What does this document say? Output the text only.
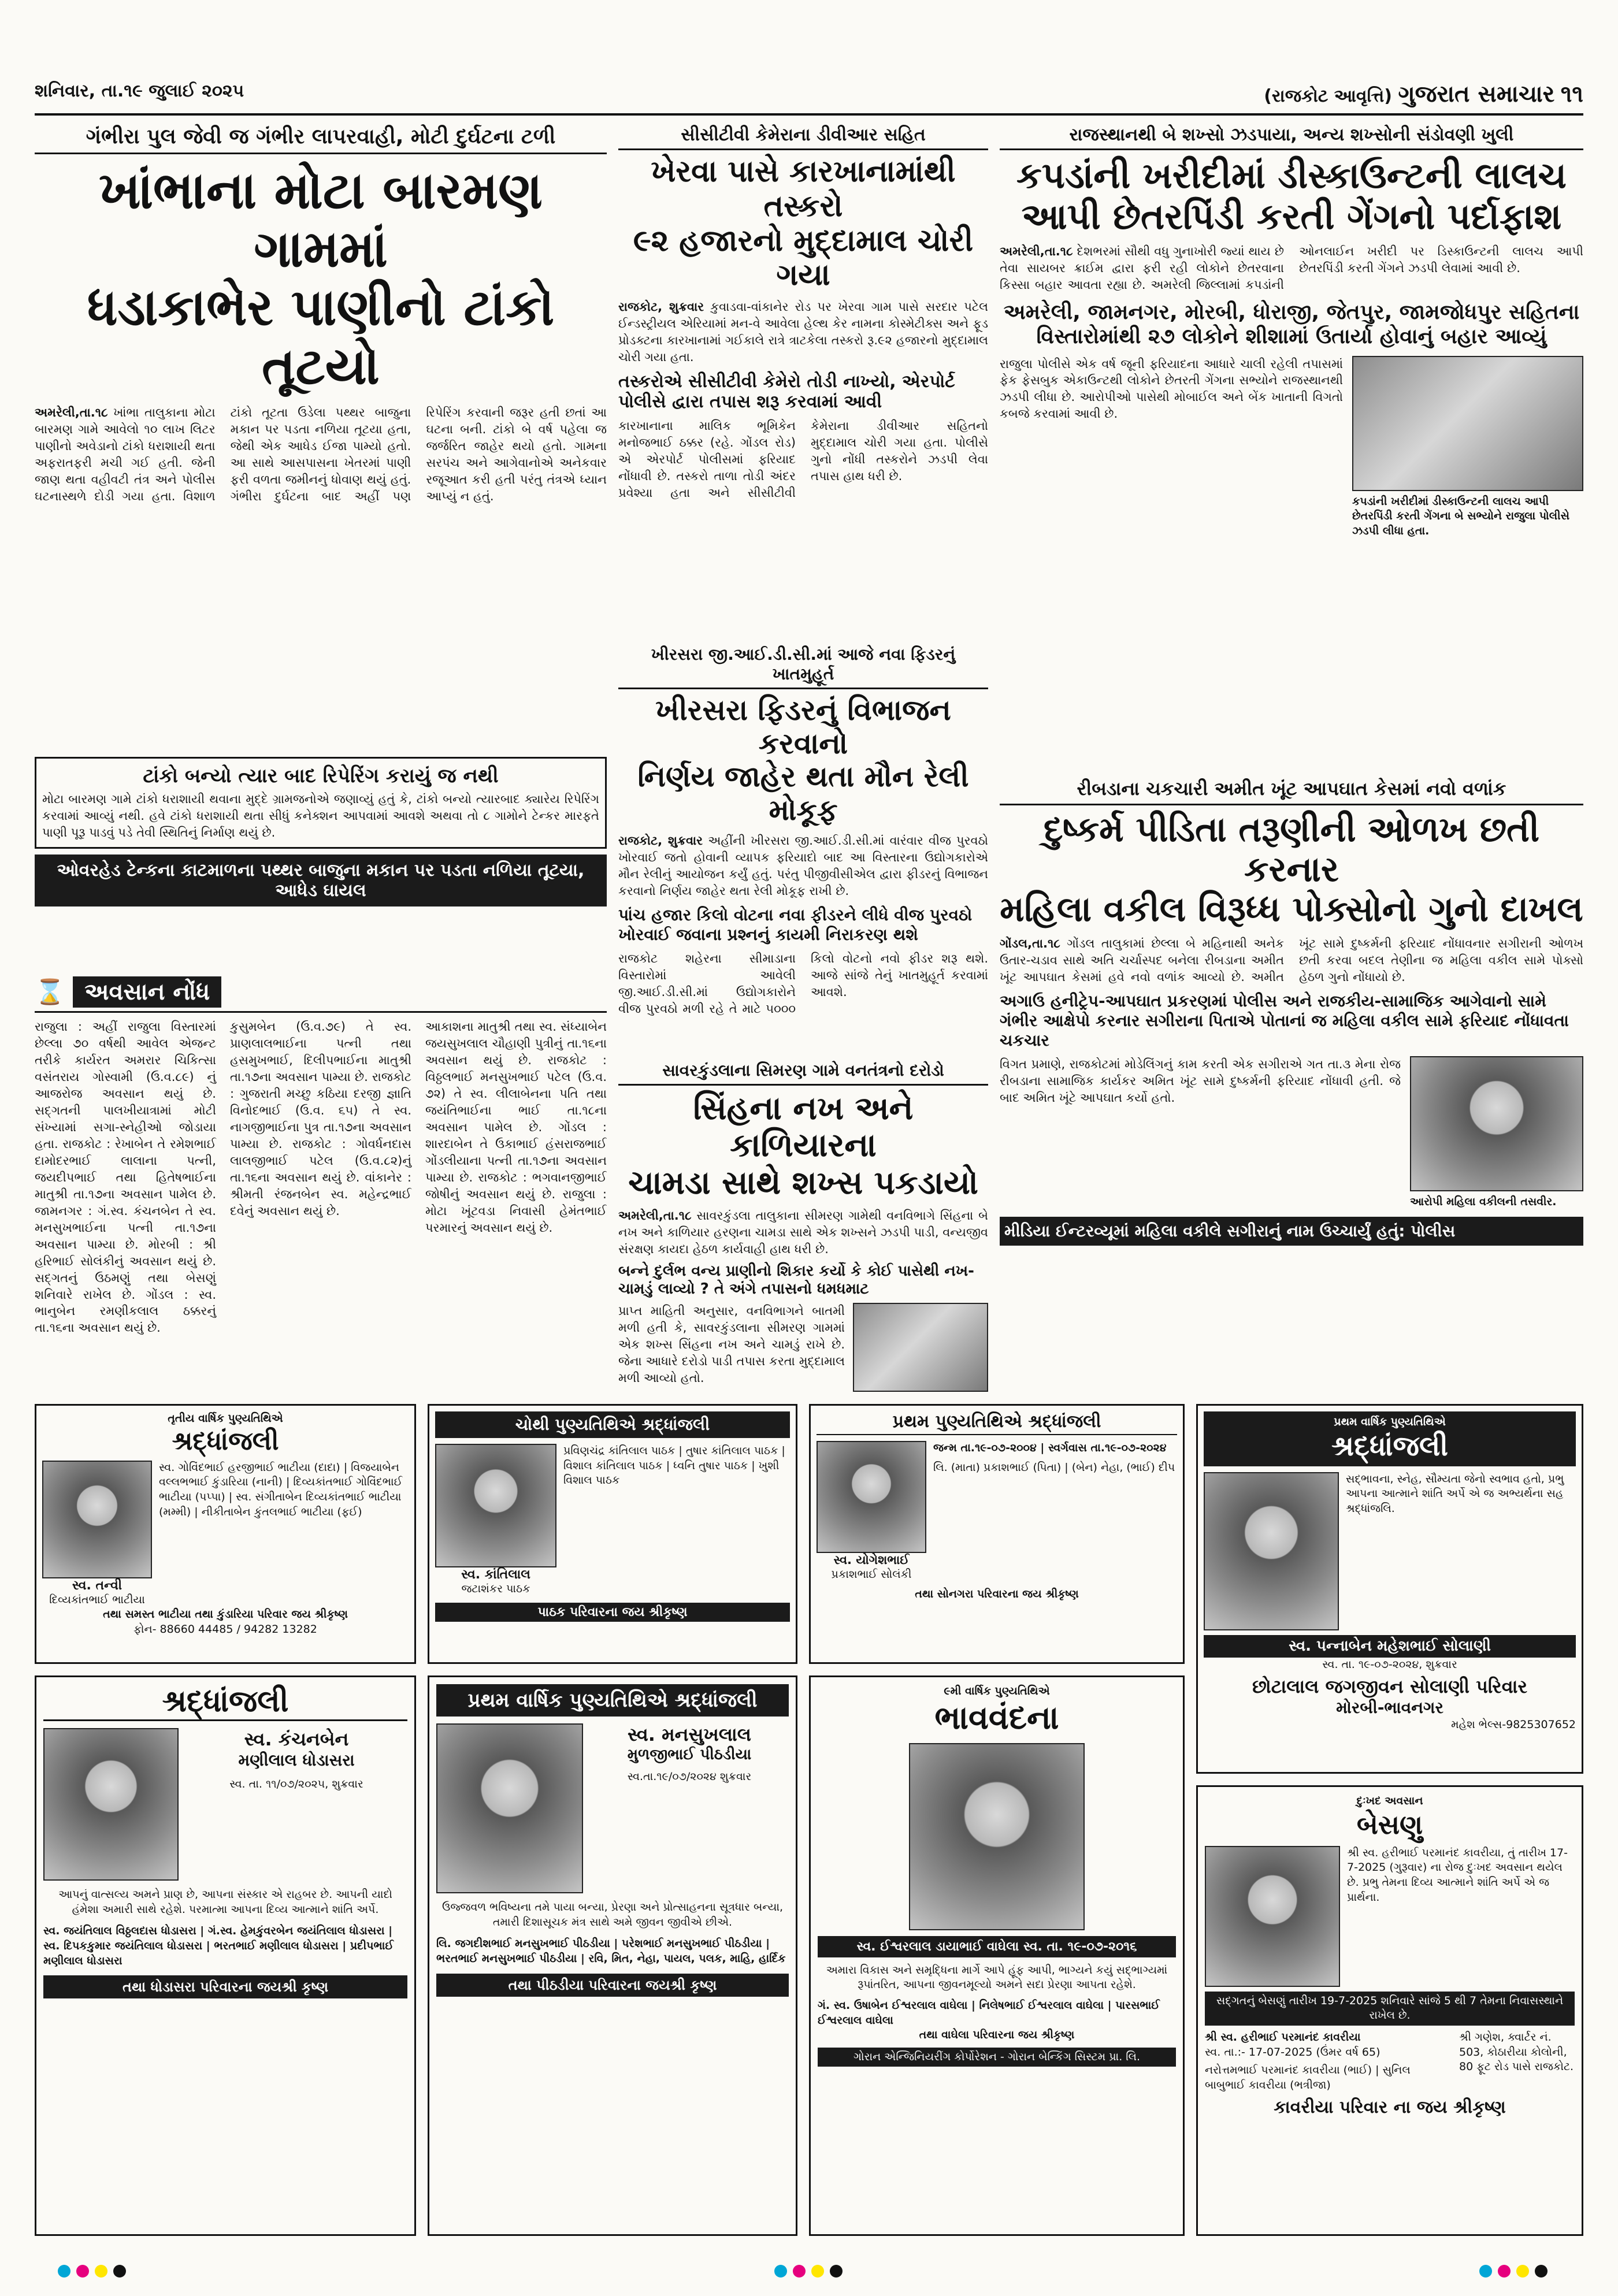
શનિવાર, તા.૧૯ જુલાઈ ૨૦૨૫	(રાજકોટ આવૃત્તિ) ગુજરાત સમાચાર ૧૧
ગંભીરા પુલ જેવી જ ગંભીર લાપરવાહી, મોટી દુર્ઘટના ટળી
ખાંભાના મોટા બારમણ ગામમાં
ધડાકાભેર પાણીનો ટાંકો તૂટયો
અમરેલી,તા.૧૮ ખાંભા તાલુકાના મોટા બારમણ ગામે આવેલો ૧૦ લાખ લિટર પાણીનો અવેડાનો ટાંકો ધરાશાયી થતા અફરાતફરી મચી ગઈ હતી. જેની જાણ થતા વહીવટી તંત્ર અને પોલીસ ઘટનાસ્થળે દોડી ગયા હતા. વિશાળ ટાંકો તૂટતા ઉડેલા પથ્થર બાજુના મકાન પર પડતા નળિયા તૂટયા હતા, જેથી એક આધેડ ઈજા પામ્યો હતો. આ સાથે આસપાસના ખેતરમાં પાણી ફરી વળતા જમીનનું ધોવાણ થયું હતું. ગંભીરા દુર્ઘટના બાદ અહીં પણ રિપેરિંગ કરવાની જરૂર હતી છતાં આ ઘટના બની. ટાંકો બે વર્ષ પહેલા જ જર્જરિત જાહેર થયો હતો. ગામના સરપંચ અને આગેવાનોએ અનેકવાર રજૂઆત કરી હતી પરંતુ તંત્રએ ધ્યાન આપ્યું ન હતું.
ટાંકો બન્યો ત્યાર બાદ રિપેરિંગ કરાયું જ નથી
મોટા બારમણ ગામે ટાંકો ધરાશાયી થવાના મુદ્દે ગ્રામજનોએ જણાવ્યું હતું કે, ટાંકો બન્યો ત્યારબાદ ક્યારેય રિપેરિંગ કરવામાં આવ્યું નથી. હવે ટાંકો ધરાશાયી થતા સીધું કનેક્શન આપવામાં આવશે અથવા તો ૮ ગામોને ટેન્કર મારફતે પાણી પૂરૂ પાડવું પડે તેવી સ્થિતિનું નિર્માણ થયું છે.
ઓવરહેડ ટેન્કના કાટમાળના પથ્થર બાજુના મકાન પર પડતા નળિયા તૂટયા, આધેડ ઘાયલ
⌛ અવસાન નોંધ
રાજુલા : અહીં રાજુલા વિસ્તારમાં છેલ્લા ૭૦ વર્ષથી આવેલ એજન્ટ તરીકે કાર્યરત અમરાર ચિકિત્સા વસંતરાય ગોસ્વામી (ઉ.વ.૮૯) નું આજરોજ અવસાન થયું છે. સદ્ગતની પાલખીયાત્રામાં મોટી સંખ્યામાં સગા-સ્નેહીઓ જોડાયા હતા. રાજકોટ : રેખાબેન તે રમેશભાઈ દામોદરભાઈ લાલાના પત્ની, જયદીપભાઈ તથા હિતેષભાઈના માતુશ્રી તા.૧૭ના અવસાન પામેલ છે. જામનગર : ગં.સ્વ. કંચનબેન તે સ્વ. મનસુખભાઈના પત્ની તા.૧૭ના અવસાન પામ્યા છે. મોરબી : શ્રી હરિભાઈ સોલંકીનું અવસાન થયું છે. સદ્ગતનું ઉઠમણું તથા બેસણું શનિવારે રાખેલ છે. ગોંડલ : સ્વ. ભાનુબેન રમણીકલાલ ઠક્કરનું તા.૧૬ના અવસાન થયું છે.
કુસુમબેન (ઉ.વ.૭૯) તે સ્વ. પ્રાણલાલભાઈના પત્ની તથા હસમુખભાઈ, દિલીપભાઈના માતુશ્રી તા.૧૭ના અવસાન પામ્યા છે. રાજકોટ : ગુજરાતી મચ્છુ કઠિયા દરજી જ્ઞાતિ વિનોદભાઈ (ઉ.વ. ૬૫) તે સ્વ. નાગજીભાઈના પુત્ર તા.૧૭ના અવસાન પામ્યા છે. રાજકોટ : ગોવર્ધનદાસ લાલજીભાઈ પટેલ (ઉ.વ.૮૨)નું તા.૧૬ના અવસાન થયું છે. વાંકાનેર : શ્રીમતી રંજનબેન સ્વ. મહેન્દ્રભાઈ દવેનું અવસાન થયું છે.
આકાશના માતુશ્રી તથા સ્વ. સંધ્યાબેન જયસુખલાલ ચૌહાણી પુત્રીનું તા.૧૬ના અવસાન થયું છે. રાજકોટ : વિઠ્ઠલભાઈ મનસુખભાઈ પટેલ (ઉ.વ. ૭૨) તે સ્વ. લીલાબેનના પતિ તથા જયંતિભાઈના ભાઈ તા.૧૮ના અવસાન પામેલ છે. ગોંડલ : શારદાબેન તે ઉકાભાઈ હંસરાજભાઈ ગોંડલીયાના પત્ની તા.૧૭ના અવસાન પામ્યા છે. રાજકોટ : ભગવાનજીભાઈ જોષીનું અવસાન થયું છે. રાજુલા : મોટા ખૂંટવડા નિવાસી હેમંતભાઈ પરમારનું અવસાન થયું છે.
સીસીટીવી કેમેરાના ડીવીઆર સહિત
ખેરવા પાસે કારખાનામાંથી તસ્કરો
૯૨ હજારનો મુદ્દામાલ ચોરી ગયા
રાજકોટ, શુક્રવાર કુવાડવા-વાંકાનેર રોડ પર ખેરવા ગામ પાસે સરદાર પટેલ ઈન્ડસ્ટ્રીયલ એરિયામાં મન-વે આવેલા હેલ્થ કેર નામના કોસ્મેટીક્સ અને ફૂડ પ્રોડક્ટના કારખાનામાં ગઈકાલે રાત્રે ત્રાટકેલા તસ્કરો રૂ.૯૨ હજારનો મુદ્દામાલ ચોરી ગયા હતા.
તસ્કરોએ સીસીટીવી કેમેરો તોડી નાખ્યો, એરપોર્ટ પોલીસે દ્વારા તપાસ શરૂ કરવામાં આવી
કારખાનાના માલિક ભૂમિકેન મનોજભાઈ ઠક્કર (રહે. ગોંડલ રોડ) એ એરપોર્ટ પોલીસમાં ફરિયાદ નોંધાવી છે. તસ્કરો તાળા તોડી અંદર પ્રવેશ્યા હતા અને સીસીટીવી કેમેરાના ડીવીઆર સહિતનો મુદ્દામાલ ચોરી ગયા હતા. પોલીસે ગુનો નોંધી તસ્કરોને ઝડપી લેવા તપાસ હાથ ધરી છે.
ખીરસરા જી.આઈ.ડી.સી.માં આજે નવા ફિડરનું ખાતમુહૂર્ત
ખીરસરા ફિડરનું વિભાજન કરવાનો
નિર્ણય જાહેર થતા મૌન રેલી મોકૂફ
રાજકોટ, શુક્રવાર અહીંની ખીરસરા જી.આઈ.ડી.સી.માં વારંવાર વીજ પુરવઠો ખોરવાઈ જતો હોવાની વ્યાપક ફરિયાદો બાદ આ વિસ્તારના ઉદ્યોગકારોએ મૌન રેલીનું આયોજન કર્યું હતું. પરંતુ પીજીવીસીએલ દ્વારા ફીડરનું વિભાજન કરવાનો નિર્ણય જાહેર થતા રેલી મોકૂફ રાખી છે.
પાંચ હજાર કિલો વોટના નવા ફીડરને લીધે વીજ પુરવઠો ખોરવાઈ જવાના પ્રશ્નનું કાયમી નિરાકરણ થશે
રાજકોટ શહેરના સીમાડાના વિસ્તારોમાં આવેલી જી.આઈ.ડી.સી.માં ઉદ્યોગકારોને વીજ પુરવઠો મળી રહે તે માટે ૫૦૦૦ કિલો વોટનો નવો ફીડર શરૂ થશે. આજે સાંજે તેનું ખાતમુહૂર્ત કરવામાં આવશે.
સાવરકુંડલાના સિમરણ ગામે વનતંત્રનો દરોડો
સિંહના નખ અને કાળિયારના
ચામડા સાથે શખ્સ પકડાયો
અમરેલી,તા.૧૮ સાવરકુંડલા તાલુકાના સીમરણ ગામેથી વનવિભાગે સિંહના બે નખ અને કાળિયાર હરણના ચામડા સાથે એક શખ્સને ઝડપી પાડી, વન્યજીવ સંરક્ષણ કાયદા હેઠળ કાર્યવાહી હાથ ધરી છે.
બન્ને દુર્લભ વન્ય પ્રાણીનો શિકાર કર્યો કે કોઈ પાસેથી નખ-ચામડું લાવ્યો ? તે અંગે તપાસનો ધમધમાટ
પ્રાપ્ત માહિતી અનુસાર, વનવિભાગને બાતમી મળી હતી કે, સાવરકુંડલાના સીમરણ ગામમાં એક શખ્સ સિંહના નખ અને ચામડું રાખે છે. જેના આધારે દરોડો પાડી તપાસ કરતા મુદ્દામાલ મળી આવ્યો હતો.
રાજસ્થાનથી બે શખ્સો ઝડપાયા, અન્ય શખ્સોની સંડોવણી ખુલી
કપડાંની ખરીદીમાં ડીસ્કાઉન્ટની લાલચ
આપી છેતરપિંડી કરતી ગેંગનો પર્દાફાશ
અમરેલી,તા.૧૮ દેશભરમાં સૌથી વધુ ગુનાખોરી જ્યાં થાય છે તેવા સાયબર ક્રાઈમ દ્વારા ફરી રહી લોકોને છેતરવાના કિસ્સા બહાર આવતા રહ્યા છે. અમરેલી જિલ્લામાં કપડાંની ઓનલાઈન ખરીદી પર ડિસ્કાઉન્ટની લાલચ આપી છેતરપિંડી કરતી ગેંગને ઝડપી લેવામાં આવી છે.
અમરેલી, જામનગર, મોરબી, ધોરાજી, જેતપુર, જામજોધપુર સહિતના વિસ્તારોમાંથી ૨૭ લોકોને શીશામાં ઉતાર્યા હોવાનું બહાર આવ્યું
રાજુલા પોલીસે એક વર્ષ જૂની ફરિયાદના આધારે ચાલી રહેલી તપાસમાં ફેક ફેસબુક એકાઉન્ટથી લોકોને છેતરતી ગેંગના સભ્યોને રાજસ્થાનથી ઝડપી લીધા છે. આરોપીઓ પાસેથી મોબાઈલ અને બેંક ખાતાની વિગતો કબજે કરવામાં આવી છે.
કપડાંની ખરીદીમાં ડીસ્કાઉન્ટની લાલચ આપી છેતરપિંડી કરતી ગેંગના બે સભ્યોને રાજુલા પોલીસે ઝડપી લીધા હતા.
રીબડાના ચકચારી અમીત ખૂંટ આપઘાત કેસમાં નવો વળાંક
દુષ્કર્મ પીડિતા તરૂણીની ઓળખ છતી કરનાર
મહિલા વકીલ વિરૂધ્ધ પોક્સોનો ગુનો દાખલ
ગોંડલ,તા.૧૮ ગોંડલ તાલુકામાં છેલ્લા બે મહિનાથી અનેક ઉતાર-ચડાવ સાથે અતિ ચર્ચાસ્પદ બનેલા રીબડાના અમીત ખૂંટ આપઘાત કેસમાં હવે નવો વળાંક આવ્યો છે. અમીત ખૂંટ સામે દુષ્કર્મની ફરિયાદ નોંધાવનાર સગીરાની ઓળખ છતી કરવા બદલ તેણીના જ મહિલા વકીલ સામે પોક્સો હેઠળ ગુનો નોંધાયો છે.
અગાઉ હનીટ્રેપ-આપઘાત પ્રકરણમાં પોલીસ અને રાજકીય-સામાજિક આગેવાનો સામે ગંભીર આક્ષેપો કરનાર સગીરાના પિતાએ પોતાનાં જ મહિલા વકીલ સામે ફરિયાદ નોંધાવતા ચકચાર
વિગત પ્રમાણે, રાજકોટમાં મોડેલિંગનું કામ કરતી એક સગીરાએ ગત તા.૩ મેના રોજ રીબડાના સામાજિક કાર્યકર અમિત ખૂંટ સામે દુષ્કર્મની ફરિયાદ નોંધાવી હતી. જે બાદ અમિત ખૂંટે આપઘાત કર્યો હતો.
આરોપી મહિલા વકીલની તસવીર.
મીડિયા ઈન્ટરવ્યૂમાં મહિલા વકીલે સગીરાનું નામ ઉચ્ચાર્યું હતું: પોલીસ
તૃતીય વાર્ષિક પુણ્યતિથિએ
શ્રદ્ધાંજલી
સ્વ. તન્વી
દિવ્યકાંતભાઈ ભાટીયા
સ્વ. ગોવિંદભાઈ હરજીભાઈ ભાટીયા (દાદા) | વિજયાબેન વલ્લભભાઈ કુંડારિયા (નાની) | દિવ્યકાંતભાઈ ગોવિંદભાઈ ભાટીયા (પપ્પા) | સ્વ. સંગીતાબેન દિવ્યકાંતભાઈ ભાટીયા (મમ્મી) | નીકીતાબેન કુંતલભાઈ ભાટીયા (ફઈ)
તથા સમસ્ત ભાટીયા તથા કુંડારિયા પરિવાર જય શ્રીકૃષ્ણ
ફોન- 88660 44485 / 94282 13282
ચોથી પુણ્યતિથિએ શ્રદ્ધાંજલી
સ્વ. કાંતિલાલ
જટાશંકર પાઠક
પ્રવિણચંદ્ર કાંતિલાલ પાઠક | તુષાર કાંતિલાલ પાઠક | વિશાલ કાંતિલાલ પાઠક | ધ્વનિ તુષાર પાઠક | ખુશી વિશાલ પાઠક
પાઠક પરિવારના જય શ્રીકૃષ્ણ
પ્રથમ પુણ્યતિથિએ શ્રદ્ધાંજલી
સ્વ. યોગેશભાઈ
પ્રકાશભાઈ સોલંકી
જન્મ તા.૧૯-૦૭-૨૦૦૪ | સ્વર્ગવાસ તા.૧૯-૦૭-૨૦૨૪
લિ. (માતા) પ્રકાશભાઈ (પિતા) | (બેન) નેહા, (ભાઈ) દીપ
તથા સોનગરા પરિવારના જય શ્રીકૃષ્ણ
પ્રથમ વાર્ષિક પુણ્યતિથિએ
શ્રદ્ધાંજલી
સદ્ભાવના, સ્નેહ, સૌમ્યતા જેનો સ્વભાવ હતો, પ્રભુ આપના આત્માને શાંતિ અર્પે એ જ અભ્યર્થના સહ શ્રદ્ધાંજલિ.
સ્વ. પન્નાબેન મહેશભાઈ સોલાણી
સ્વ. તા. ૧૯-૦૭-૨૦૨૪, શુક્રવાર
છોટાલાલ જગજીવન સોલાણી પરિવાર
મોરબી-ભાવનગર
મહેશ ભેલ્સ-9825307652
શ્રદ્ધાંજલી
સ્વ. કંચનબેન
મણીલાલ ધોડાસરા
સ્વ. તા. ૧૧/૦૭/૨૦૨૫, શુક્રવાર
આપનું વાત્સલ્ય અમને પ્રાણ છે, આપના સંસ્કાર એ રાહબર છે. આપની યાદો હંમેશા અમારી સાથે રહેશે. પરમાત્મા આપના દિવ્ય આત્માને શાંતિ અર્પે.
સ્વ. જયંતિલાલ વિઠ્ઠલદાસ ધોડાસરા | ગં.સ્વ. હેમકુંવરબેન જયંતિલાલ ધોડાસરા | સ્વ. દિપકકુમાર જયંતિલાલ ધોડાસરા | ભરતભાઈ મણીલાલ ધોડાસરા | પ્રદીપભાઈ મણીલાલ ધોડાસરા
તથા ધોડાસરા પરિવારના જયશ્રી કૃષ્ણ
પ્રથમ વાર્ષિક પુણ્યતિથિએ શ્રદ્ધાંજલી
સ્વ. મનસુખલાલ
મુળજીભાઈ પીઠડીયા
સ્વ.તા.૧૯/૦૭/૨૦૨૪ શુક્રવાર
ઉજ્જવળ ભવિષ્યના તમે પાયા બન્યા, પ્રેરણા અને પ્રોત્સાહનના સૂત્રધાર બન્યા, તમારી દિશાસૂચક મંત્ર સાથે અમે જીવન જીવીએ છીએ.
લિ. જગદીશભાઈ મનસુખભાઈ પીઠડીયા | પરેશભાઈ મનસુખભાઈ પીઠડીયા | ભરતભાઈ મનસુખભાઈ પીઠડીયા | રવિ, મિત, નેહા, પાયલ, પલક, માહિ, હાર્દિક
તથા પીઠડીયા પરિવારના જયશ્રી કૃષ્ણ
૯મી વાર્ષિક પુણ્યતિથિએ
ભાવવંદના
સ્વ. ઈશ્વરલાલ ડાયાભાઈ વાઘેલા સ્વ. તા. ૧૯-૦૭-૨૦૧૬
અમારા વિકાસ અને સમૃદ્ધિના માર્ગે આપે હૂંફ આપી, ભાગ્યને કયું સદ્ભાગ્યમાં રૂપાંતરિત, આપના જીવનમૂલ્યો અમને સદા પ્રેરણા આપતા રહેશે.
ગં. સ્વ. ઉષાબેન ઈશ્વરલાલ વાઘેલા | નિલેષભાઈ ઈશ્વરલાલ વાઘેલા | પારસભાઈ ઈશ્વરલાલ વાઘેલા
તથા વાઘેલા પરિવારના જય શ્રીકૃષ્ણ
ગોરાન એન્જિનિયરીંગ કોર્પોરેશન - ગોરાન બેન્કિંગ સિસ્ટમ પ્રા. લિ.
દુઃખદ અવસાન
બેસણુ
શ્રી સ્વ. હરીભાઈ પરમાનંદ કાવરીયા, તું તારીખ 17-7-2025 (ગુરૂવાર) ના રોજ દુઃખદ અવસાન થયેલ છે. પ્રભુ તેમના દિવ્ય આત્માને શાંતિ અર્પે એ જ પ્રાર્થના.
સદ્ગતનું બેસણું તારીખ 19-7-2025 શનિવારે સાંજે 5 થી 7 તેમના નિવાસસ્થાને રાખેલ છે.
શ્રી સ્વ. હરીભાઈ પરમાનંદ કાવરીયા
સ્વ. તા.:- 17-07-2025 (ઉંમર વર્ષ 65)
નરોત્તમભાઈ પરમાનંદ કાવરીયા (ભાઈ) | સુનિલ બાબુભાઈ કાવરીયા (ભત્રીજા)
શ્રી ગણેશ, ક્વાર્ટર નં. 503, કોઠારીયા કોલોની, 80 ફૂટ રોડ પાસે રાજકોટ.
કાવરીયા પરિવાર ના જય શ્રીકૃષ્ણ
